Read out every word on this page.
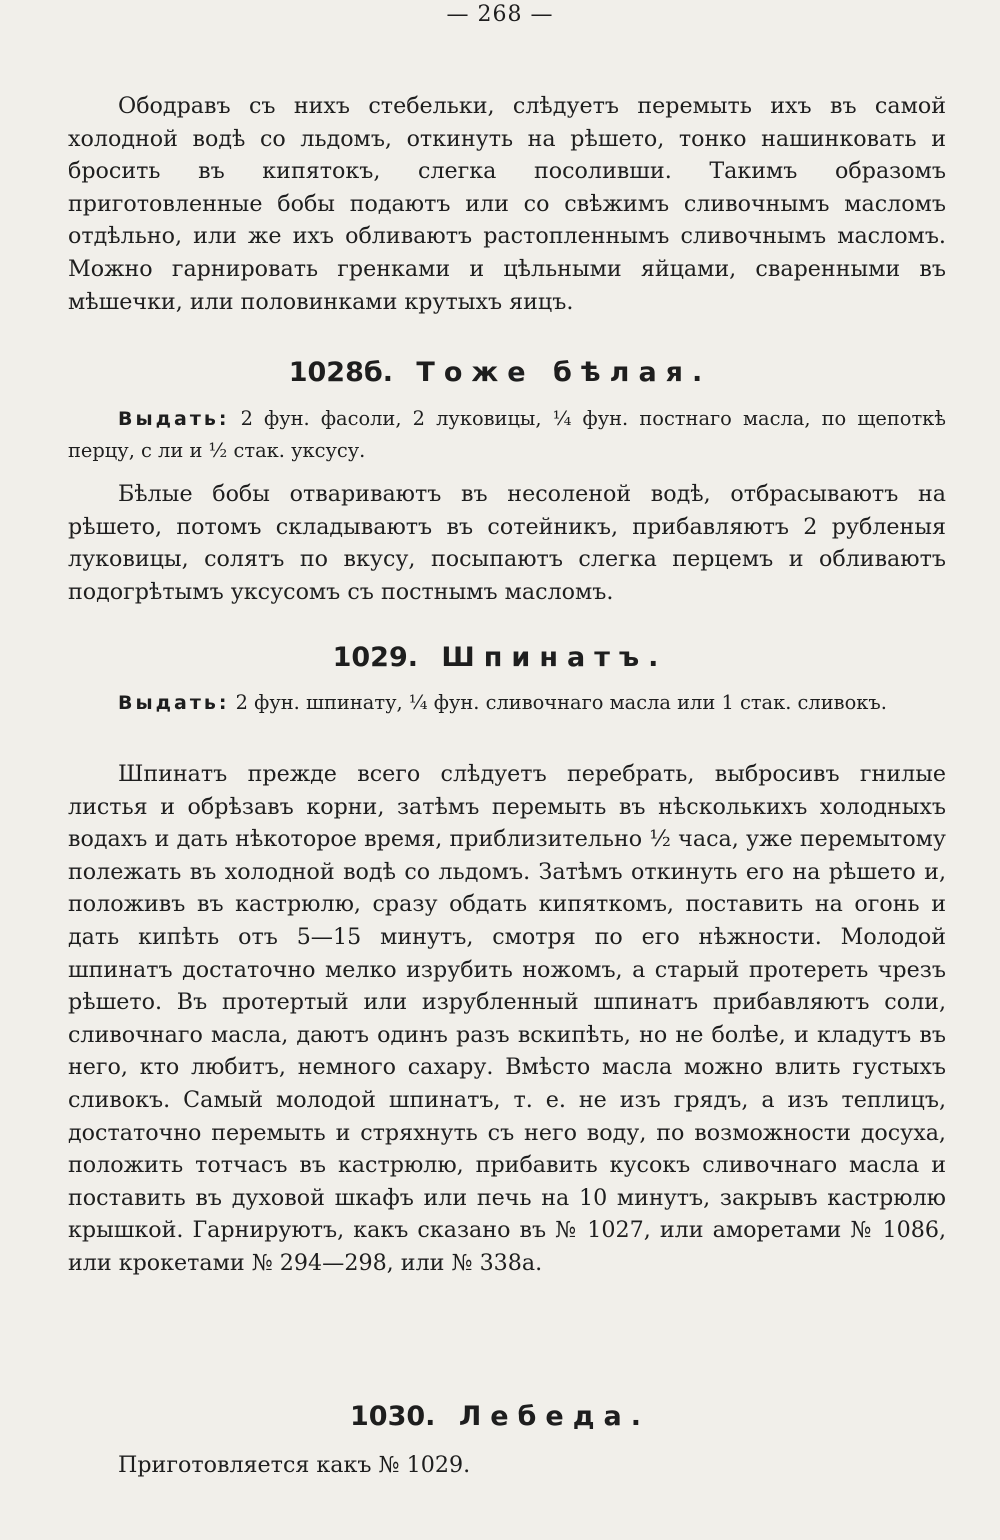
— 268 —

Ободравъ съ нихъ стебельки, слѣдуетъ перемыть ихъ въ самой холодной водѣ со льдомъ, откинуть на рѣшето, тонко нашинковать и бросить въ кипятокъ, слегка посоливши. Такимъ образомъ приготовленные бобы подаютъ или со свѣжимъ сливочнымъ масломъ отдѣльно, или же ихъ обливаютъ растопленнымъ сливочнымъ масломъ. Можно гарнировать гренками и цѣльными яйцами, сваренными въ мѣшечки, или половинками крутыхъ яицъ.

1028б. Тоже бѣлая.

Выдать: 2 фун. фасоли, 2 луковицы, ¼ фун. постнаго масла, по щепоткѣ перцу, с ли и ½ стак. уксусу.

Бѣлые бобы отвариваютъ въ несоленой водѣ, отбрасываютъ на рѣшето, потомъ складываютъ въ сотейникъ, прибавляютъ 2 рубленыя луковицы, солятъ по вкусу, посыпаютъ слегка перцемъ и обливаютъ подогрѣтымъ уксусомъ съ постнымъ масломъ.

1029. Шпинатъ.

Выдать: 2 фун. шпинату, ¼ фун. сливочнаго масла или 1 стак. сливокъ.

Шпинатъ прежде всего слѣдуетъ перебрать, выбросивъ гнилые листья и обрѣзавъ корни, затѣмъ перемыть въ нѣсколькихъ холодныхъ водахъ и дать нѣкоторое время, приблизительно ½ часа, уже перемытому полежать въ холодной водѣ со льдомъ. Затѣмъ откинуть его на рѣшето и, положивъ въ кастрюлю, сразу обдать кипяткомъ, поставить на огонь и дать кипѣть отъ 5—15 минутъ, смотря по его нѣжности. Молодой шпинатъ достаточно мелко изрубить ножомъ, а старый протереть чрезъ рѣшето. Въ протертый или изрубленный шпинатъ прибавляютъ соли, сливочнаго масла, даютъ одинъ разъ вскипѣть, но не болѣе, и кладутъ въ него, кто любитъ, немного сахару. Вмѣсто масла можно влить густыхъ сливокъ. Самый молодой шпинатъ, т. е. не изъ грядъ, а изъ теплицъ, достаточно перемыть и стряхнуть съ него воду, по возможности досуха, положить тотчасъ въ кастрюлю, прибавить кусокъ сливочнаго масла и поставить въ духовой шкафъ или печь на 10 минутъ, закрывъ кастрюлю крышкой. Гарнируютъ, какъ сказано въ № 1027, или аморетами № 1086, или крокетами № 294—298, или № 338а.

1030. Лебеда.

Приготовляется какъ № 1029.
